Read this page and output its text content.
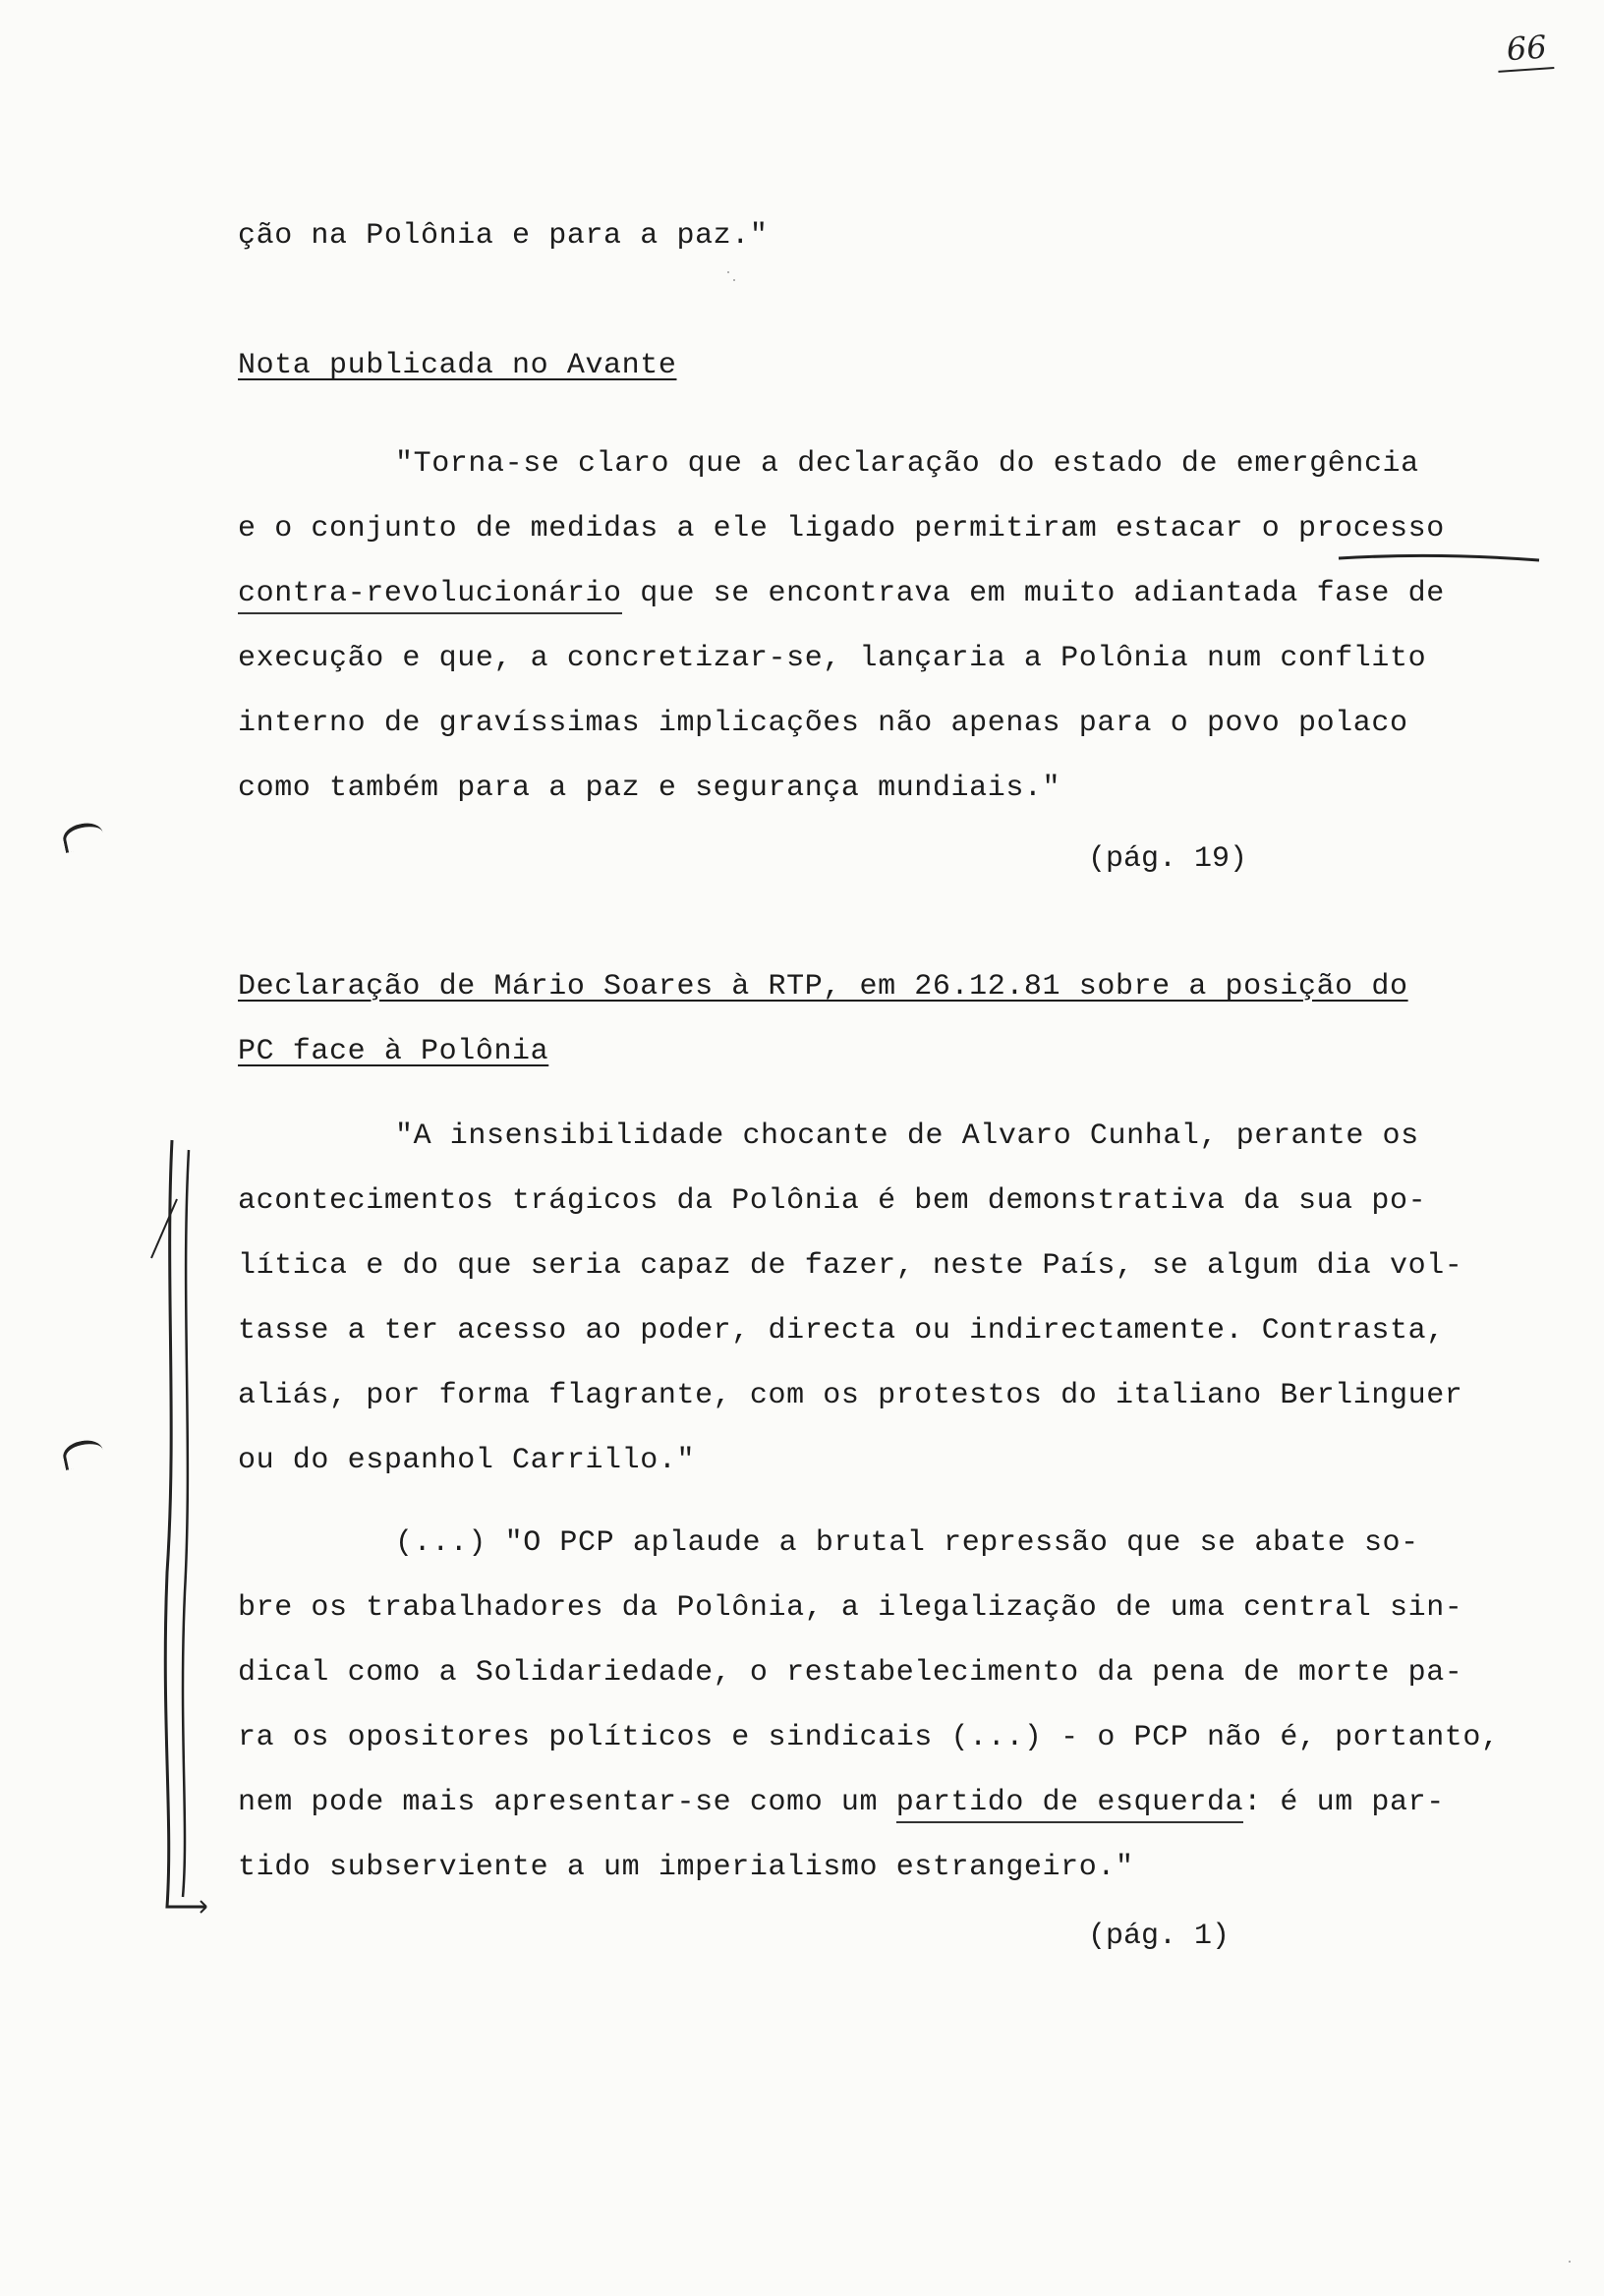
66
ção na Polônia e para a paz."
Nota publicada no Avante
"Torna-se claro que a declaração do estado de emergência
e o conjunto de medidas a ele ligado permitiram estacar o processo
contra-revolucionário que se encontrava em muito adiantada fase de
execução e que, a concretizar-se, lançaria a Polônia num conflito
interno de gravíssimas implicações não apenas para o povo polaco
como também para a paz e segurança mundiais."
(pág. 19)
Declaração de Mário Soares à RTP, em 26.12.81 sobre a posição do
PC face à Polônia
"A insensibilidade chocante de Alvaro Cunhal, perante os
acontecimentos trágicos da Polônia é bem demonstrativa da sua po-
lítica e do que seria capaz de fazer, neste País, se algum dia vol-
tasse a ter acesso ao poder, directa ou indirectamente. Contrasta,
aliás, por forma flagrante, com os protestos do italiano Berlinguer
ou do espanhol Carrillo."
(...) "O PCP aplaude a brutal repressão que se abate so-
bre os trabalhadores da Polônia, a ilegalização de uma central sin-
dical como a Solidariedade, o restabelecimento da pena de morte pa-
ra os opositores políticos e sindicais (...) - o PCP não é, portanto,
nem pode mais apresentar-se como um partido de esquerda: é um par-
tido subserviente a um imperialismo estrangeiro."
(pág. 1)
